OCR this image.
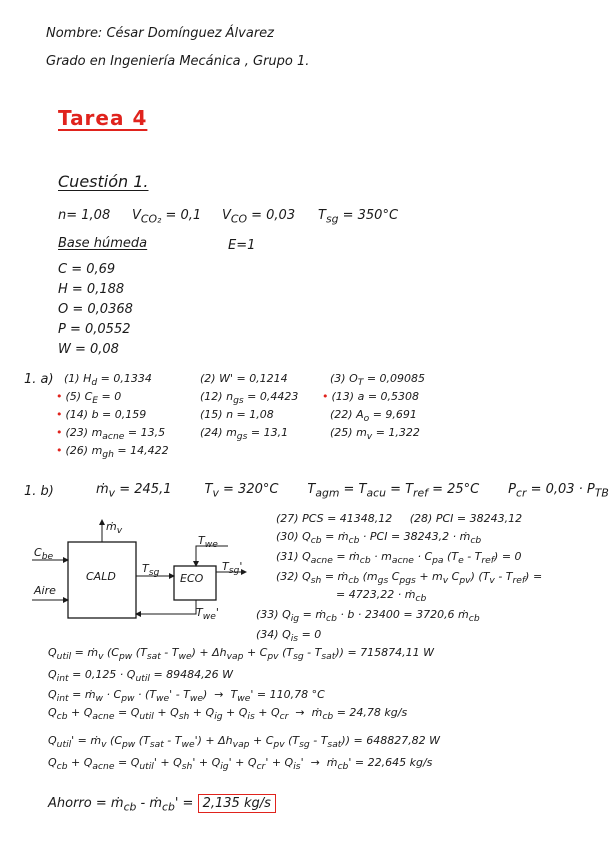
Nombre: César Domínguez Álvarez
Grado en Ingeniería Mecánica , Grupo 1.
Tarea 4
Cuestión 1.
n= 1,08 $V_{CO_2} = 0,1$ $V_{CO} = 0,03$ $T_{sg} = 350^\circ C$
Base húmeda	E=1
C = 0,69
H = 0,188
O = 0,0368
P = 0,0552
W = 0,08
1. a) (1) $H_d = 0,1334$	(2) W' = 0,1214	(3) $O_T = 0,09085$
• (5) $C_E = 0$	(12) $n_{gs} = 0,4423$ • (13) a = 0,5308
• (14) b = 0,159	(15) n = 1,08	(22) $A_o = 9,691$
• (23) $m_{acne} = 13,5$	(24) $m_{gs} = 13,1$	(25) $m_v = 1,322$
• (26) $m_{gh} = 14,422$
1. b)	ṁ$_v$ = 245,1        $T_v = 320^\circ C$       $T_{agm} = T_{acu} = T_{ref} = 25^\circ C$       $P_{cr} = 0,03 \cdot P_{TB}$
$C_{be}$
Aire
ṁ$_v$
CALD	ECO
$T_{sg}$	$T_{sg}'$
$T_{we}$
$T_{we}'$
(27) PCS = 41348,12     (28) PCI = 38243,12
(30) $Q_{cb}$ = ṁ$_{cb}$ · PCI = 38243,2 · ṁ$_{cb}$
(31) $Q_{acne}$ = ṁ$_{cb}$ · $m_{acne} \cdot C_{pa}$ $(T_e - T_{ref}) = 0$
(32) $Q_{sh}$ = ṁ$_{cb}$ ($m_{gs}$ $C_{pgs} + m_v$ $C_{pv}$) $(T_v - T_{ref})$ =
= 4723,22 · ṁ$_{cb}$
(33) $Q_{ig}$ = ṁ$_{cb}$ · b · 23400 = 3720,6 ṁ$_{cb}$
(34) $Q_{is} = 0$
$Q_{util}$ = ṁ$_v$ ($C_{pw}$ $(T_{sat} - T_{we}) + \Delta h_{vap} + C_{pv}$ $(T_{sg} - T_{sat})) = 715874,11$ W
$Q_{int} = 0,125 \cdot Q_{util} = 89484,26$ W
$Q_{int}$ = ṁ$_w$ · $C_{pw} \cdot (T_{we}' - T_{we}) \to T_{we}' = 110,78$ °C
$Q_{cb} + Q_{acne} = Q_{util} + Q_{sh} + Q_{ig} + Q_{is} + Q_{cr}$  →  ṁ$_{cb}$ = 24,78 kg/s
$Q_{util}'$ = ṁ$_v$ ($C_{pw}$ $(T_{sat} - T_{we}') + \Delta h_{vap} + C_{pv}$ $(T_{sg} - T_{sat})) = 648827,82$ W
$Q_{cb} + Q_{acne} = Q_{util}' + Q_{sh}' + Q_{ig}' + Q_{cr}' + Q_{is}'$  →  ṁ$_{cb}$' = 22,645 kg/s
Ahorro = ṁ$_{cb}$ - ṁ$_{cb}$' = 2,135 kg/s
